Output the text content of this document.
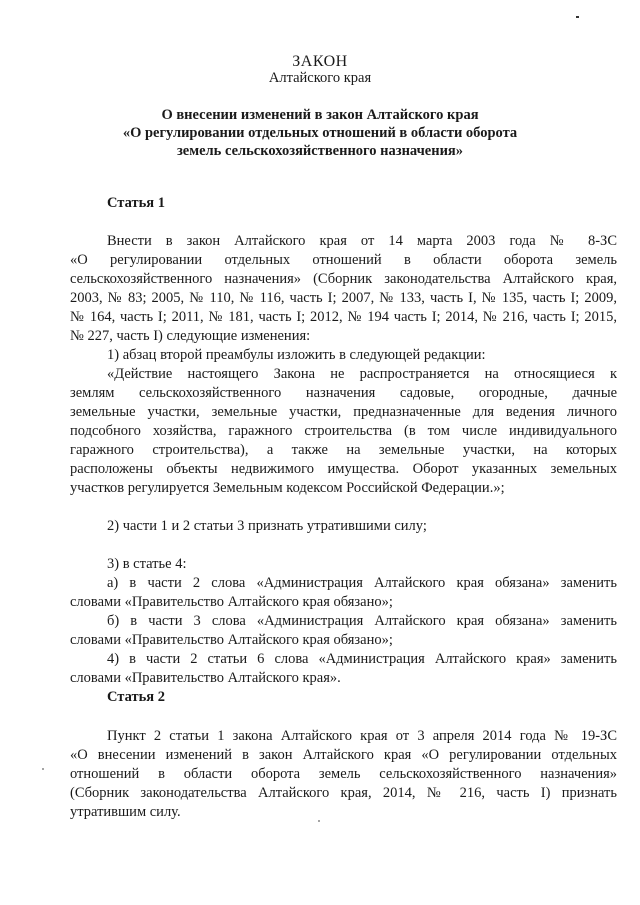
ЗАКОН
Алтайского края
О внесении изменений в закон Алтайского края
«О регулировании отдельных отношений в области оборота
земель сельскохозяйственного назначения»
Статья 1
Внести в закон Алтайского края от 14 марта 2003 года № 8-ЗС
«О регулировании отдельных отношений в области оборота земель
сельскохозяйственного назначения» (Сборник законодательства Алтайского края,
2003, № 83; 2005, № 110, № 116, часть I; 2007, № 133, часть I, № 135, часть I; 2009,
№ 164, часть I; 2011, № 181, часть I; 2012, № 194 часть I; 2014, № 216, часть I; 2015,
№ 227, часть I) следующие изменения:
1) абзац второй преамбулы изложить в следующей редакции:
«Действие настоящего Закона не распространяется на относящиеся к
землям сельскохозяйственного назначения садовые, огородные, дачные
земельные участки, земельные участки, предназначенные для ведения личного
подсобного хозяйства, гаражного строительства (в том числе индивидуального
гаражного строительства), а также на земельные участки, на которых
расположены объекты недвижимого имущества. Оборот указанных земельных
участков регулируется Земельным кодексом Российской Федерации.»;
2) части 1 и 2 статьи 3 признать утратившими силу;
3) в статье 4:
а) в части 2 слова «Администрация Алтайского края обязана» заменить
словами «Правительство Алтайского края обязано»;
б) в части 3 слова «Администрация Алтайского края обязана» заменить
словами «Правительство Алтайского края обязано»;
4) в части 2 статьи 6 слова «Администрация Алтайского края» заменить
словами «Правительство Алтайского края».
Статья 2
Пункт 2 статьи 1 закона Алтайского края от 3 апреля 2014 года № 19-ЗС
«О внесении изменений в закон Алтайского края «О регулировании отдельных
отношений в области оборота земель сельскохозяйственного назначения»
(Сборник законодательства Алтайского края, 2014, № 216, часть I) признать
утратившим силу.
